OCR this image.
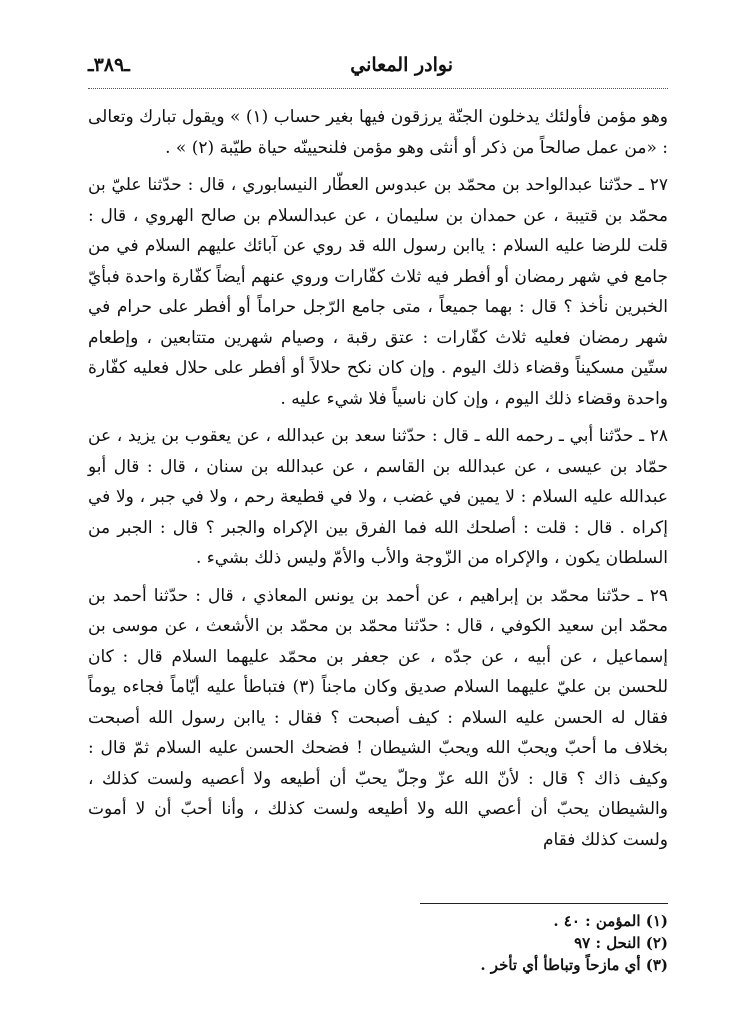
نوادر المعاني
ـ٣٨٩ـ

وهو مؤمن فأولئك يدخلون الجنّة يرزقون فيها بغير حساب (١) » ويقول تبارك وتعالى : «من عمل صالحاً من ذكر أو أنثى وهو مؤمن فلنحيينّه حياة طيّبة (٢) » .

٢٧ ـ حدّثنا عبدالواحد بن محمّد بن عبدوس العطّار النيسابوري ، قال : حدّثنا عليّ بن محمّد بن قتيبة ، عن حمدان بن سليمان ، عن عبدالسلام بن صالح الهروي ، قال : قلت للرضا عليه السلام : ياابن رسول الله قد روي عن آبائك عليهم السلام في من جامع في شهر رمضان أو أفطر فيه ثلاث كفّارات وروي عنهم أيضاً كفّارة واحدة فبأيّ الخبرين نأخذ ؟ قال : بهما جميعاً ، متى جامع الرّجل حراماً أو أفطر على حرام في شهر رمضان فعليه ثلاث كفّارات : عتق رقبة ، وصيام شهرين متتابعين ، وإطعام ستّين مسكيناً وقضاء ذلك اليوم . وإن كان نكح حلالاً أو أفطر على حلال فعليه كفّارة واحدة وقضاء ذلك اليوم ، وإن كان ناسياً فلا شيء عليه .

٢٨ ـ حدّثنا أبي ـ رحمه الله ـ قال : حدّثنا سعد بن عبدالله ، عن يعقوب بن يزيد ، عن حمّاد بن عيسى ، عن عبدالله بن القاسم ، عن عبدالله بن سنان ، قال : قال أبو عبدالله عليه السلام : لا يمين في غضب ، ولا في قطيعة رحم ، ولا في جبر ، ولا في إكراه . قال : قلت : أصلحك الله فما الفرق بين الإكراه والجبر ؟ قال : الجبر من السلطان يكون ، والإكراه من الزّوجة والأب والأمّ وليس ذلك بشيء .

٢٩ ـ حدّثنا محمّد بن إبراهيم ، عن أحمد بن يونس المعاذي ، قال : حدّثنا أحمد بن محمّد ابن سعيد الكوفي ، قال : حدّثنا محمّد بن محمّد بن الأشعث ، عن موسى بن إسماعيل ، عن أبيه ، عن جدّه ، عن جعفر بن محمّد عليهما السلام قال : كان للحسن بن عليّ عليهما السلام صديق وكان ماجناً (٣) فتباطأ عليه أيّاماً فجاءه يوماً فقال له الحسن عليه السلام : كيف أصبحت ؟ فقال : ياابن رسول الله أصبحت بخلاف ما أحبّ ويحبّ الله ويحبّ الشيطان ! فضحك الحسن عليه السلام ثمّ قال : وكيف ذاك ؟ قال : لأنّ الله عزّ وجلّ يحبّ أن أطيعه ولا أعصيه ولست كذلك ، والشيطان يحبّ أن أعصي الله ولا أطيعه ولست كذلك ، وأنا أحبّ أن لا أموت ولست كذلك فقام

(١) المؤمن : ٤٠ .

(٢) النحل : ٩٧

(٣) أي مازحاً وتباطأ أي تأخر .
